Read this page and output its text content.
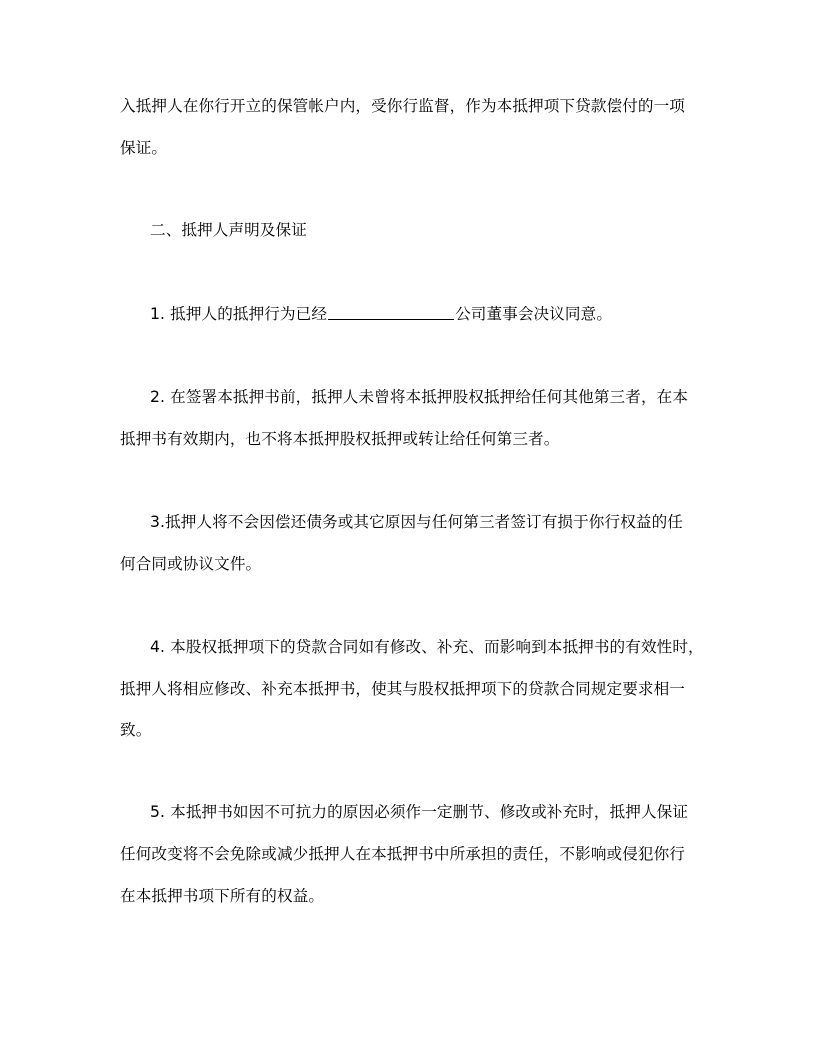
入抵押人在你行开立的保管帐户内，受你行监督，作为本抵押项下贷款偿付的一项
保证。
二、抵押人声明及保证
1. 抵押人的抵押行为已经	公司董事会决议同意。
2. 在签署本抵押书前，抵押人未曾将本抵押股权抵押给任何其他第三者，在本
抵押书有效期内，也不将本抵押股权抵押或转让给任何第三者。
3.抵押人将不会因偿还债务或其它原因与任何第三者签订有损于你行权益的任
何合同或协议文件。
4. 本股权抵押项下的贷款合同如有修改、补充、而影响到本抵押书的有效性时，
抵押人将相应修改、补充本抵押书，使其与股权抵押项下的贷款合同规定要求相一
致。
5. 本抵押书如因不可抗力的原因必须作一定删节、修改或补充时，抵押人保证
任何改变将不会免除或减少抵押人在本抵押书中所承担的责任，不影响或侵犯你行
在本抵押书项下所有的权益。
